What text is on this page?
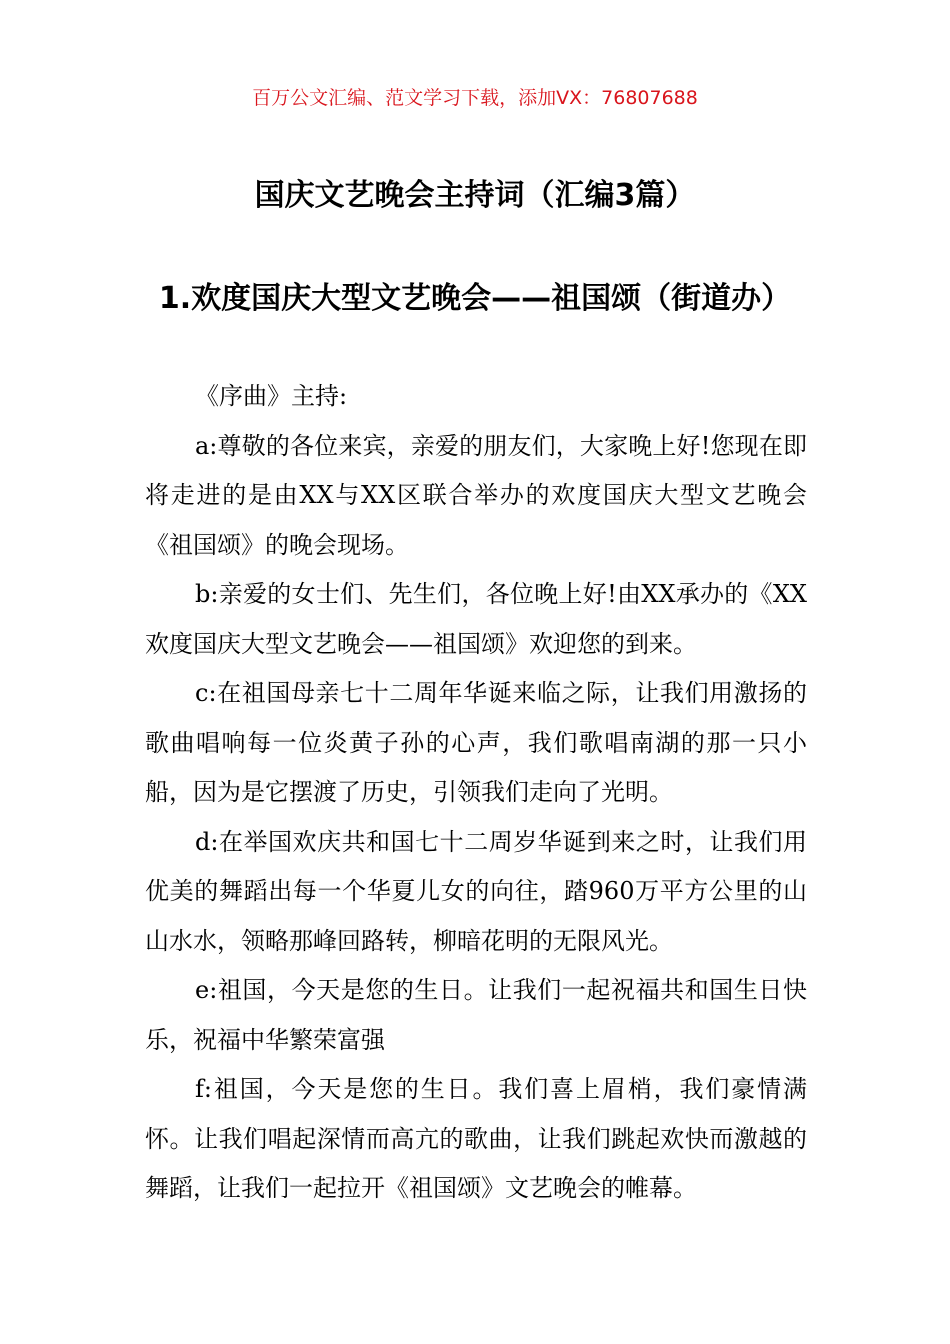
百万公文汇编、范文学习下载，添加VX：76807688
国庆文艺晚会主持词（汇编3篇）
1.欢度国庆大型文艺晚会——祖国颂（街道办）

《序曲》主持:

a:尊敬的各位来宾，亲爱的朋友们，大家晚上好!您现在即将走进的是由XX与XX区联合举办的欢度国庆大型文艺晚会《祖国颂》的晚会现场。

b:亲爱的女士们、先生们，各位晚上好!由XX承办的《XX欢度国庆大型文艺晚会——祖国颂》欢迎您的到来。

c:在祖国母亲七十二周年华诞来临之际，让我们用激扬的歌曲唱响每一位炎黄子孙的心声，我们歌唱南湖的那一只小船，因为是它摆渡了历史，引领我们走向了光明。

d:在举国欢庆共和国七十二周岁华诞到来之时，让我们用优美的舞蹈出每一个华夏儿女的向往，踏960万平方公里的山山水水，领略那峰回路转，柳暗花明的无限风光。

e:祖国，今天是您的生日。让我们一起祝福共和国生日快乐，祝福中华繁荣富强

f:祖国，今天是您的生日。我们喜上眉梢，我们豪情满怀。让我们唱起深情而高亢的歌曲，让我们跳起欢快而激越的舞蹈，让我们一起拉开《祖国颂》文艺晚会的帷幕。
